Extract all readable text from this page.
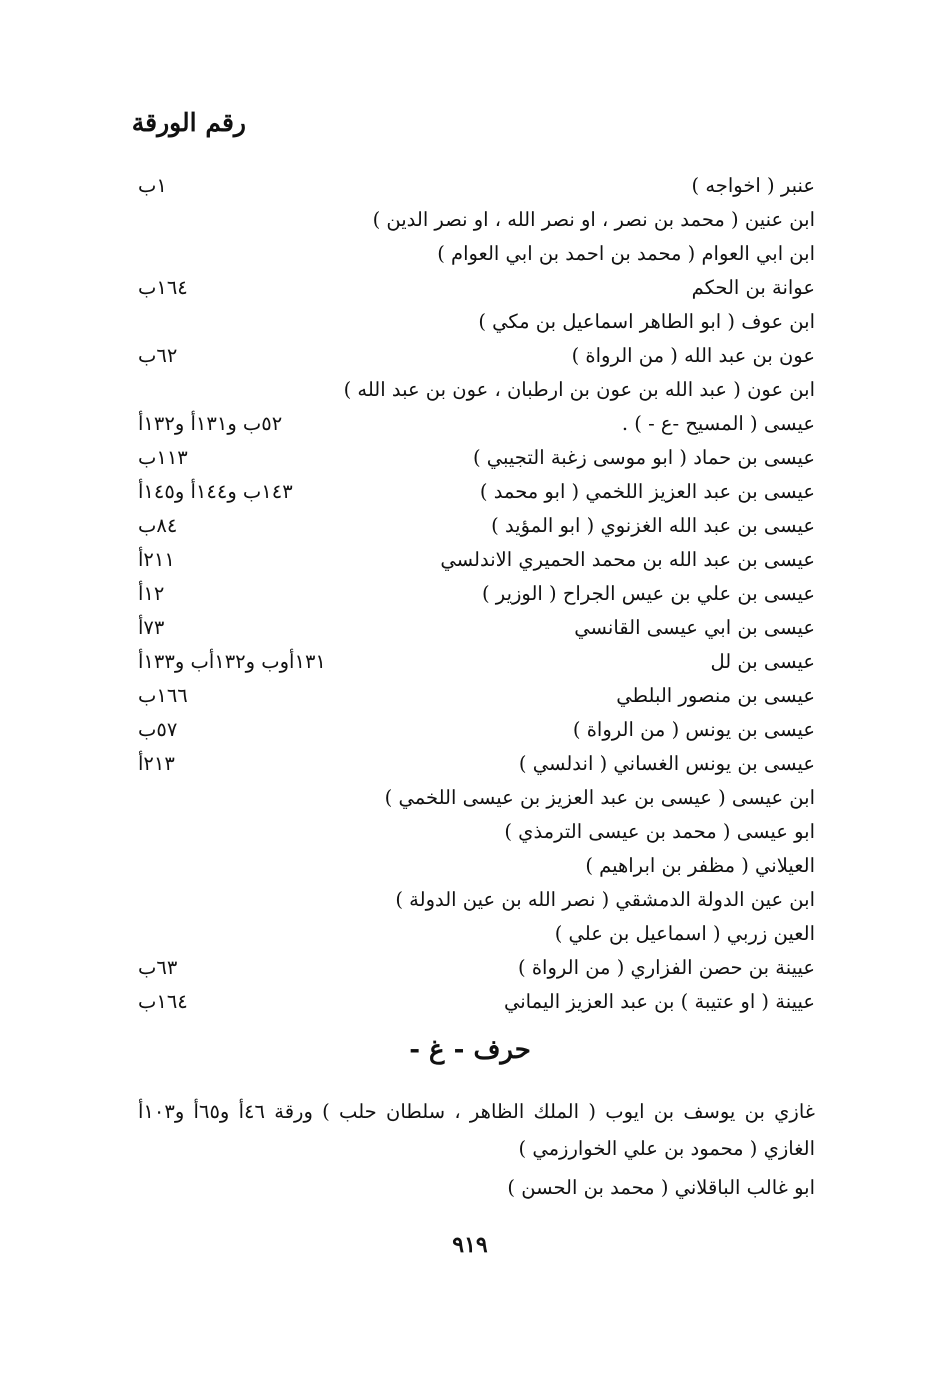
رقم الورقة
عنبر ( اخواجه )
١ب
ابن عنين ( محمد بن نصر ، او نصر الله ، او نصر الدين )
ابن ابي العوام ( محمد بن احمد بن ابي العوام )
عوانة بن الحكم
١٦٤ب
ابن عوف ( ابو الطاهر اسماعيل بن مكي )
عون بن عبد الله ( من الرواة )
٦٢ب
ابن عون ( عبد الله بن عون بن ارطبان ، عون بن عبد الله )
عيسى ( المسيح -ع - ) .
٥٢ب و١٣١أ و١٣٢أ
عيسى بن حماد ( ابو موسى زغبة التجيبي )
١١٣ب
عيسى بن عبد العزيز اللخمي ( ابو محمد )
١٤٣ب و١٤٤أ و١٤٥أ
عيسى بن عبد الله الغزنوي ( ابو المؤيد )
٨٤ب
عيسى بن عبد الله بن محمد الحميري الاندلسي
٢١١أ
عيسى بن علي بن عيس الجراح ( الوزير )
١٢أ
عيسى بن ابي عيسى القانسي
٧٣أ
عيسى بن لل
١٣١أوب و١٣٢أب و١٣٣أ
عيسى بن منصور البلطي
١٦٦ب
عيسى بن يونس ( من الرواة )
٥٧ب
عيسى بن يونس الغساني ( اندلسي )
٢١٣أ
ابن عيسى ( عيسى بن عبد العزيز بن عيسى اللخمي )
ابو عيسى ( محمد بن عيسى الترمذي )
العيلاني ( مظفر بن ابراهيم )
ابن عين الدولة الدمشقي ( نصر الله بن عين الدولة )
العين زربي ( اسماعيل بن علي )
عيينة بن حصن الفزاري ( من الرواة )
٦٣ب
عيينة ( او عتيبة ) بن عبد العزيز اليماني
١٦٤ب
حرف - غ -
غازي بن يوسف بن ايوب ( الملك الظاهر ، سلطان حلب ) ورقة ٤٦أ و٦٥أ و١٠٣أ
الغازي ( محمود بن علي الخوارزمي )
ابو غالب الباقلاني ( محمد بن الحسن )
٩١٩
